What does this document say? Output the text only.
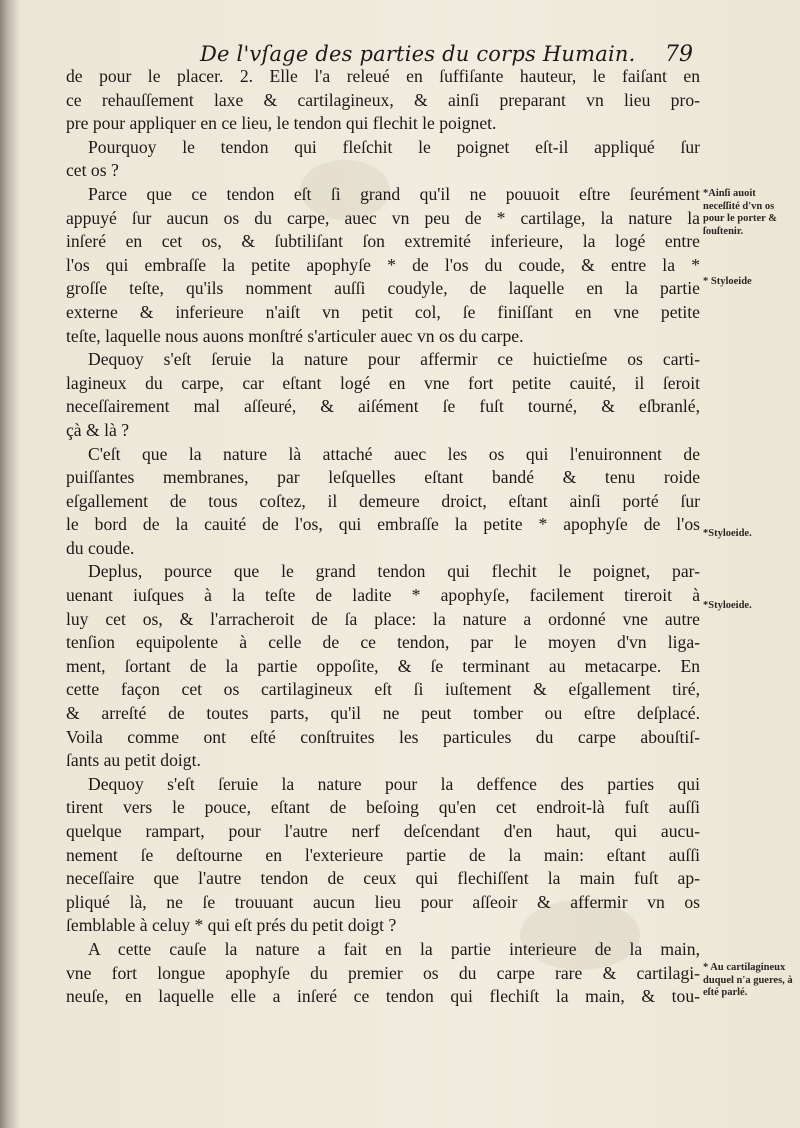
De l'vſage des parties du corps Humain. 79
de pour le placer. 2. Elle l'a releué en ſuffiſante hauteur, le faiſant en
ce rehauſſement laxe & cartilagineux, & ainſi preparant vn lieu pro-
pre pour appliquer en ce lieu, le tendon qui flechit le poignet.
Pourquoy le tendon qui fleſchit le poignet eſt-il appliqué ſur
cet os ?
Parce que ce tendon eſt ſi grand qu'il ne pouuoit eſtre ſeurément
appuyé ſur aucun os du carpe, auec vn peu de * cartilage, la nature la
inſeré en cet os, & ſubtiliſant ſon extremité inferieure, la logé entre
l'os qui embraſſe la petite apophyſe * de l'os du coude, & entre la *
groſſe teſte, qu'ils nomment auſſi coudyle, de laquelle en la partie
externe & inferieure n'aiſt vn petit col, ſe finiſſant en vne petite
teſte, laquelle nous auons monſtré s'articuler auec vn os du carpe.
Dequoy s'eſt ſeruie la nature pour affermir ce huictieſme os carti-
lagineux du carpe, car eſtant logé en vne fort petite cauité, il ſeroit
neceſſairement mal aſſeuré, & aiſément ſe fuſt tourné, & eſbranlé,
çà & là ?
C'eſt que la nature là attaché auec les os qui l'enuironnent de
puiſſantes membranes, par leſquelles eſtant bandé & tenu roide
eſgallement de tous coſtez, il demeure droict, eſtant ainſi porté ſur
le bord de la cauité de l'os, qui embraſſe la petite * apophyſe de l'os
du coude.
Deplus, pource que le grand tendon qui flechit le poignet, par-
uenant iuſques à la teſte de ladite * apophyſe, facilement tireroit à
luy cet os, & l'arracheroit de ſa place: la nature a ordonné vne autre
tenſion equipolente à celle de ce tendon, par le moyen d'vn liga-
ment, ſortant de la partie oppoſite, & ſe terminant au metacarpe. En
cette façon cet os cartilagineux eſt ſi iuſtement & eſgallement tiré,
& arreſté de toutes parts, qu'il ne peut tomber ou eſtre deſplacé.
Voila comme ont eſté conſtruites les particules du carpe abouſtiſ-
ſants au petit doigt.
Dequoy s'eſt ſeruie la nature pour la deffence des parties qui
tirent vers le pouce, eſtant de beſoing qu'en cet endroit-là fuſt auſſi
quelque rampart, pour l'autre nerf deſcendant d'en haut, qui aucu-
nement ſe deſtourne en l'exterieure partie de la main: eſtant auſſi
neceſſaire que l'autre tendon de ceux qui flechiſſent la main fuſt ap-
pliqué là, ne ſe trouuant aucun lieu pour aſſeoir & affermir vn os
ſemblable à celuy * qui eſt prés du petit doigt ?
A cette cauſe la nature a fait en la partie interieure de la main,
vne fort longue apophyſe du premier os du carpe rare & cartilagi-
neuſe, en laquelle elle a inſeré ce tendon qui flechiſt la main, & tou-
*Ainſi auoit neceſſité d'vn os pour le porter & ſouſtenir.
* Styloeide
*Styloeide.
*Styloeide.
* Au cartilagineux duquel n'a gueres, à eſté parlé.
